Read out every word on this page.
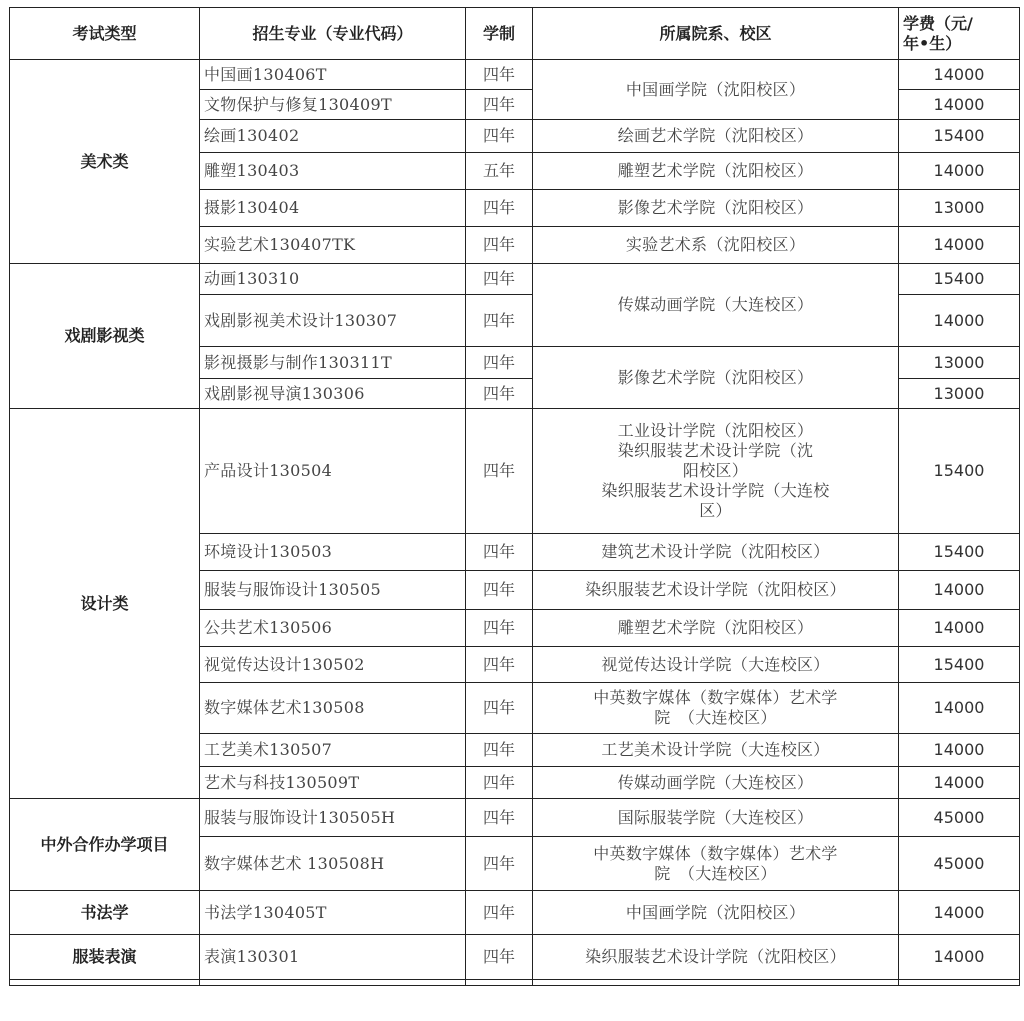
考试类型	招生专业（专业代码）	学制	所属院系、校区	学费（元/
年•生）
美术类	中国画130406T	四年	中国画学院（沈阳校区）	14000
	文物保护与修复130409T	四年		14000
	绘画130402	四年	绘画艺术学院（沈阳校区）	15400
	雕塑130403	五年	雕塑艺术学院（沈阳校区）	14000
	摄影130404	四年	影像艺术学院（沈阳校区）	13000
	实验艺术130407TK	四年	实验艺术系（沈阳校区）	14000
戏剧影视类	动画130310	四年	传媒动画学院（大连校区）	15400
	戏剧影视美术设计130307	四年		14000
	影视摄影与制作130311T	四年	影像艺术学院（沈阳校区）	13000
	戏剧影视导演130306	四年		13000
设计类	产品设计130504	四年	工业设计学院（沈阳校区）
染织服装艺术设计学院（沈
阳校区）
染织服装艺术设计学院（大连校
区）	15400
	环境设计130503	四年	建筑艺术设计学院（沈阳校区）	15400
	服装与服饰设计130505	四年	染织服装艺术设计学院（沈阳校区）	14000
	公共艺术130506	四年	雕塑艺术学院（沈阳校区）	14000
	视觉传达设计130502	四年	视觉传达设计学院（大连校区）	15400
	数字媒体艺术130508	四年	中英数字媒体（数字媒体）艺术学
院　（大连校区）	14000
	工艺美术130507	四年	工艺美术设计学院（大连校区）	14000
	艺术与科技130509T	四年	传媒动画学院（大连校区）	14000
中外合作办学项目	服装与服饰设计130505H	四年	国际服装学院（大连校区）	45000
	数字媒体艺术 130508H	四年	中英数字媒体（数字媒体）艺术学
院　（大连校区）	45000
书法学	书法学130405T	四年	中国画学院（沈阳校区）	14000
服装表演	表演130301	四年	染织服装艺术设计学院（沈阳校区）	14000
